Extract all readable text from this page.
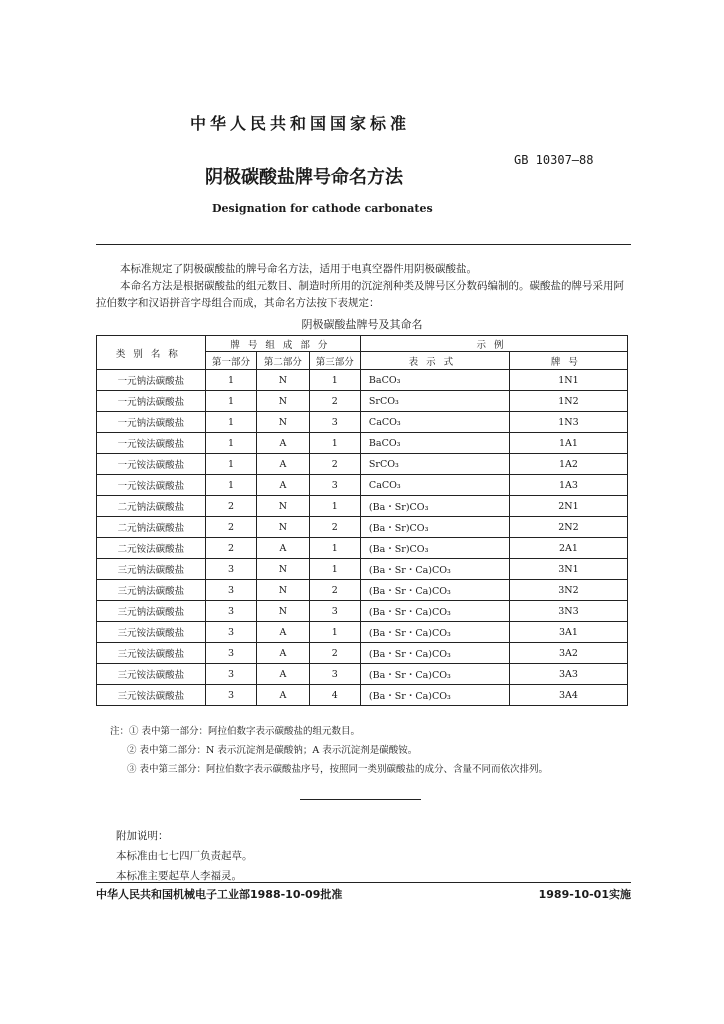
中华人民共和国国家标准
GB 10307—88
阴极碳酸盐牌号命名方法
Designation for cathode carbonates
本标准规定了阴极碳酸盐的牌号命名方法，适用于电真空器件用阴极碳酸盐。
本命名方法是根据碳酸盐的组元数目、制造时所用的沉淀剂种类及牌号区分数码编制的。碳酸盐的牌号采用阿拉伯数字和汉语拼音字母组合而成，其命名方法按下表规定：
阴极碳酸盐牌号及其命名
类别名称	牌号组成部分			示例	
	第一部分	第二部分	第三部分	表示式	牌号
一元钠法碳酸盐	1	N	1	BaCO₃	1N1
一元钠法碳酸盐	1	N	2	SrCO₃	1N2
一元钠法碳酸盐	1	N	3	CaCO₃	1N3
一元铵法碳酸盐	1	A	1	BaCO₃	1A1
一元铵法碳酸盐	1	A	2	SrCO₃	1A2
一元铵法碳酸盐	1	A	3	CaCO₃	1A3
二元钠法碳酸盐	2	N	1	(Ba・Sr)CO₃	2N1
二元钠法碳酸盐	2	N	2	(Ba・Sr)CO₃	2N2
二元铵法碳酸盐	2	A	1	(Ba・Sr)CO₃	2A1
三元钠法碳酸盐	3	N	1	(Ba・Sr・Ca)CO₃	3N1
三元钠法碳酸盐	3	N	2	(Ba・Sr・Ca)CO₃	3N2
三元钠法碳酸盐	3	N	3	(Ba・Sr・Ca)CO₃	3N3
三元铵法碳酸盐	3	A	1	(Ba・Sr・Ca)CO₃	3A1
三元铵法碳酸盐	3	A	2	(Ba・Sr・Ca)CO₃	3A2
三元铵法碳酸盐	3	A	3	(Ba・Sr・Ca)CO₃	3A3
三元铵法碳酸盐	3	A	4	(Ba・Sr・Ca)CO₃	3A4
注：① 表中第一部分：阿拉伯数字表示碳酸盐的组元数目。
② 表中第二部分：N 表示沉淀剂是碳酸钠；A 表示沉淀剂是碳酸铵。
③ 表中第三部分：阿拉伯数字表示碳酸盐序号，按照同一类别碳酸盐的成分、含量不同而依次排列。
附加说明：
本标准由七七四厂负责起草。
本标准主要起草人李福灵。
中华人民共和国机械电子工业部1988-10-09批准	1989-10-01实施
